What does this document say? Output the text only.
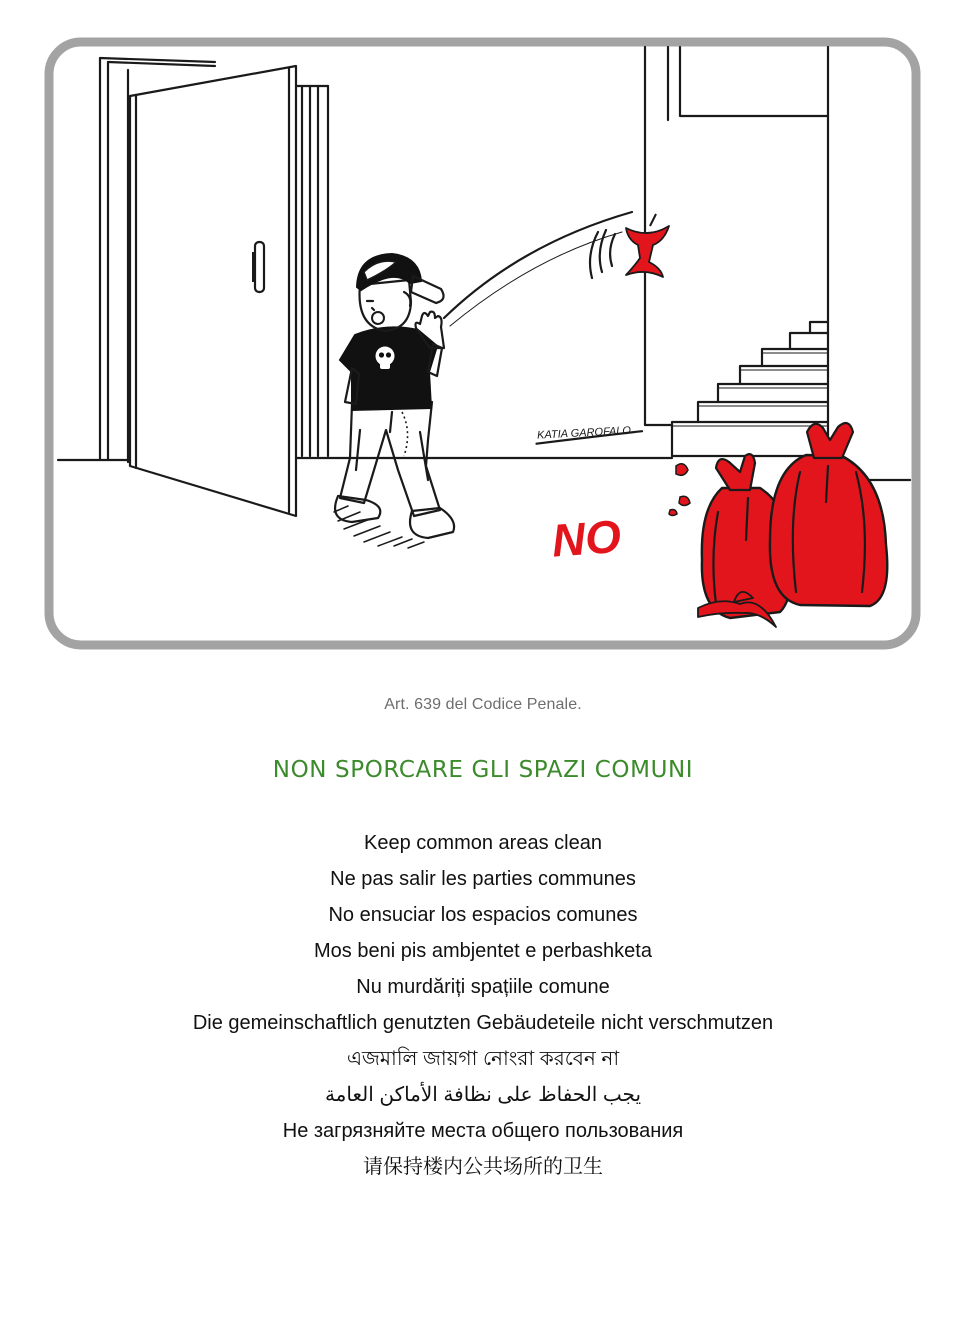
KATIA GAROFALO
NO
Art. 639 del Codice Penale.
NON SPORCARE GLI SPAZI COMUNI
Keep common areas clean
Ne pas salir les parties communes
No ensuciar los espacios comunes
Mos beni pis ambjentet e perbashketa
Nu murdăriți spațiile comune
Die gemeinschaftlich genutzten Gebäudeteile nicht verschmutzen
এজমালি জায়গা নোংরা করবেন না
يجب الحفاظ على نظافة الأماكن العامة
Не загрязняйте места общего пользования
请保持楼内公共场所的卫生
